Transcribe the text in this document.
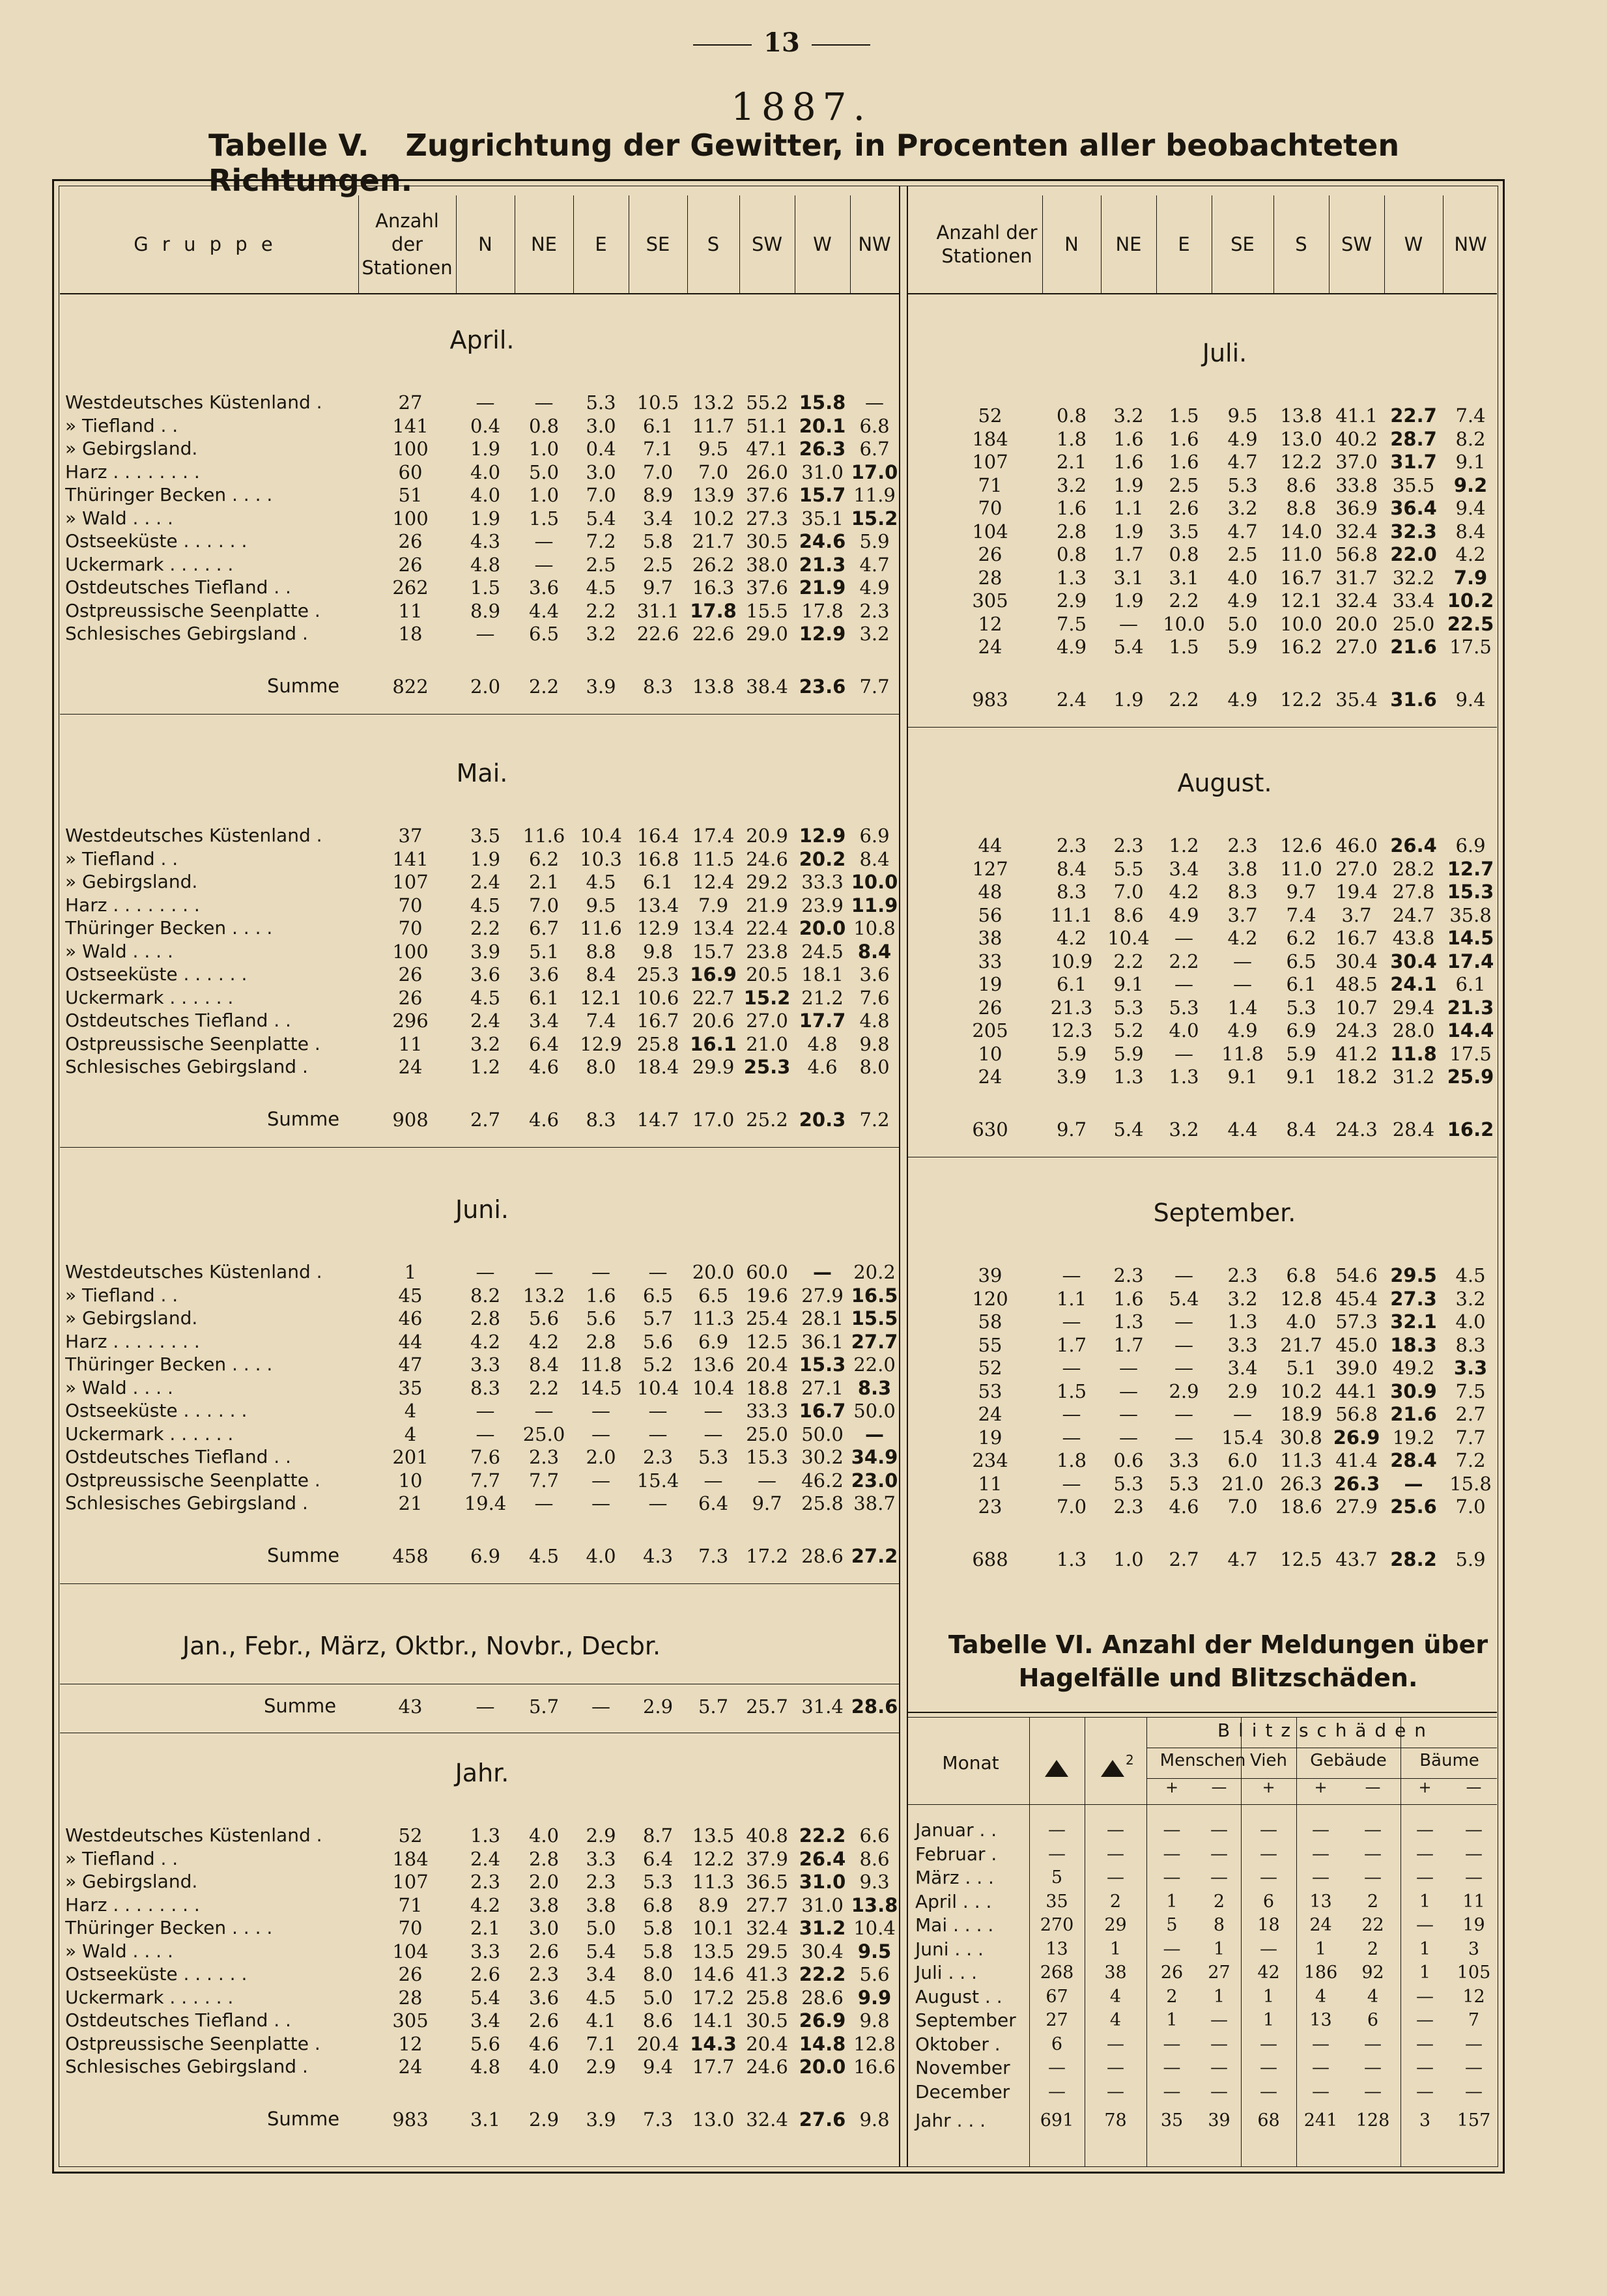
13
1887.
Tabelle V. Zugrichtung der Gewitter, in Procenten aller beobachteten Richtungen.
Anzahl der Stationen
G r u p p e	N	NE	E	SE	S	SW	W	NW
Anzahl der Stationen
N	NE	E	SE	S	SW	W	NW
April.
Westdeutsches Küstenland .	27	—	—	5.3	10.5 13.2 55.2 15.8	—
» Tiefland . .	141	0.4	0.8	3.0	6.1	11.7 51.1 20.1 6.8
» Gebirgsland.	100	1.9	1.0	0.4	7.1	9.5 47.1 26.3 6.7
Harz . . . . . . . .	60	4.0	5.0	3.0	7.0	7.0 26.0 31.0 17.0
Thüringer Becken . . . .	51	4.0	1.0	7.0	8.9	13.9 37.6 15.7 11.9
» Wald . . . .	100	1.9	1.5	5.4	3.4	10.2 27.3 35.1 15.2
Ostseeküste . . . . . .	26	4.3	—	7.2	5.8	21.7 30.5 24.6 5.9
Uckermark . . . . . .	26	4.8	—	2.5	2.5	26.2 38.0 21.3 4.7
Ostdeutsches Tiefland . .	262	1.5	3.6	4.5	9.7	16.3 37.6 21.9 4.9
Ostpreussische Seenplatte .	11	8.9	4.4	2.2	31.1 17.8 15.5 17.8 2.3
Schlesisches Gebirgsland .	18	—	6.5	3.2	22.6 22.6 29.0 12.9 3.2
Summe	822	2.0	2.2	3.9	8.3	13.8 38.4 23.6 7.7
Juli.
52	0.8	3.2	1.5	9.5	13.8 41.1 22.7 7.4
184	1.8	1.6	1.6	4.9	13.0 40.2 28.7 8.2
107	2.1	1.6	1.6	4.7	12.2 37.0 31.7 9.1
71	3.2	1.9	2.5	5.3	8.6	33.8 35.5	9.2
70	1.6	1.1	2.6	3.2	8.8	36.9 36.4 9.4
104	2.8	1.9	3.5	4.7	14.0 32.4 32.3 8.4
26	0.8	1.7	0.8	2.5	11.0 56.8 22.0 4.2
28	1.3	3.1	3.1	4.0	16.7 31.7 32.2	7.9
305	2.9	1.9	2.2	4.9	12.1 32.4 33.4 10.2
12	7.5	—	10.0	5.0	10.0 20.0 25.0 22.5
24	4.9	5.4	1.5	5.9	16.2 27.0 21.6 17.5
983	2.4	1.9	2.2	4.9	12.2 35.4 31.6 9.4
Mai.
Westdeutsches Küstenland .	37	3.5	11.6 10.4 16.4 17.4 20.9 12.9 6.9
» Tiefland . .	141	1.9	6.2	10.3 16.8 11.5 24.6 20.2 8.4
» Gebirgsland.	107	2.4	2.1	4.5	6.1	12.4 29.2 33.3 10.0
Harz . . . . . . . .	70	4.5	7.0	9.5	13.4	7.9 21.9 23.9 11.9
Thüringer Becken . . . .	70	2.2	6.7	11.6 12.9 13.4 22.4 20.0 10.8
» Wald . . . .	100	3.9	5.1	8.8	9.8	15.7 23.8 24.5 8.4
Ostseeküste . . . . . .	26	3.6	3.6	8.4	25.3 16.9 20.5 18.1 3.6
Uckermark . . . . . .	26	4.5	6.1	12.1 10.6 22.7 15.2 21.2 7.6
Ostdeutsches Tiefland . .	296	2.4	3.4	7.4	16.7 20.6 27.0 17.7 4.8
Ostpreussische Seenplatte .	11	3.2	6.4	12.9 25.8 16.1 21.0	4.8	9.8
Schlesisches Gebirgsland .	24	1.2	4.6	8.0	18.4 29.9 25.3 4.6	8.0
Summe	908	2.7	4.6	8.3	14.7 17.0 25.2 20.3 7.2
August.
44	2.3	2.3	1.2	2.3	12.6 46.0 26.4 6.9
127	8.4	5.5	3.4	3.8	11.0 27.0 28.2 12.7
48	8.3	7.0	4.2	8.3	9.7	19.4 27.8 15.3
56	11.1	8.6	4.9	3.7	7.4	3.7	24.7 35.8
38	4.2	10.4	—	4.2	6.2	16.7 43.8 14.5
33	10.9	2.2	2.2	—	6.5	30.4 30.4 17.4
19	6.1	9.1	—	—	6.1	48.5 24.1 6.1
26	21.3	5.3	5.3	1.4	5.3	10.7 29.4 21.3
205	12.3	5.2	4.0	4.9	6.9	24.3 28.0 14.4
10	5.9	5.9	—	11.8	5.9	41.2 11.8 17.5
24	3.9	1.3	1.3	9.1	9.1	18.2 31.2 25.9
630	9.7	5.4	3.2	4.4	8.4	24.3 28.4 16.2
Juni.
Westdeutsches Küstenland .	1	—	—	—	—	20.0 60.0	—	20.2
» Tiefland . .	45	8.2	13.2	1.6	6.5	6.5 19.6 27.9 16.5
» Gebirgsland.	46	2.8	5.6	5.6	5.7	11.3 25.4 28.1 15.5
Harz . . . . . . . .	44	4.2	4.2	2.8	5.6	6.9 12.5 36.1 27.7
Thüringer Becken . . . .	47	3.3	8.4	11.8	5.2	13.6 20.4 15.3 22.0
» Wald . . . .	35	8.3	2.2	14.5 10.4 10.4 18.8 27.1 8.3
Ostseeküste . . . . . .	4	—	—	—	—	—	33.3 16.7 50.0
Uckermark . . . . . .	4	—	25.0	—	—	—	25.0 50.0	—
Ostdeutsches Tiefland . .	201	7.6	2.3	2.0	2.3	5.3 15.3 30.2 34.9
Ostpreussische Seenplatte .	10	7.7	7.7	—	15.4	—	—	46.2 23.0
Schlesisches Gebirgsland .	21	19.4	—	—	—	6.4	9.7	25.8 38.7
Summe	458	6.9	4.5	4.0	4.3	7.3 17.2 28.6 27.2
September.
39	—	2.3	—	2.3	6.8	54.6 29.5 4.5
120	1.1	1.6	5.4	3.2	12.8 45.4 27.3 3.2
58	—	1.3	—	1.3	4.0	57.3 32.1 4.0
55	1.7	1.7	—	3.3	21.7 45.0 18.3 8.3
52	—	—	—	3.4	5.1	39.0 49.2	3.3
53	1.5	—	2.9	2.9	10.2 44.1 30.9 7.5
24	—	—	—	—	18.9 56.8 21.6 2.7
19	—	—	—	15.4 30.8 26.9 19.2	7.7
234	1.8	0.6	3.3	6.0	11.3 41.4 28.4 7.2
11	—	5.3	5.3	21.0 26.3 26.3	—	15.8
23	7.0	2.3	4.6	7.0	18.6 27.9 25.6 7.0
688	1.3	1.0	2.7	4.7	12.5 43.7 28.2 5.9
Jan., Febr., März, Oktbr., Novbr., Decbr.
Summe	43	—	5.7	—	2.9	5.7 25.7 31.4 28.6
Jahr.
Westdeutsches Küstenland .	52	1.3	4.0	2.9	8.7	13.5 40.8 22.2 6.6
» Tiefland . .	184	2.4	2.8	3.3	6.4	12.2 37.9 26.4 8.6
» Gebirgsland.	107	2.3	2.0	2.3	5.3	11.3 36.5 31.0 9.3
Harz . . . . . . . .	71	4.2	3.8	3.8	6.8	8.9 27.7 31.0 13.8
Thüringer Becken . . . .	70	2.1	3.0	5.0	5.8	10.1 32.4 31.2 10.4
» Wald . . . .	104	3.3	2.6	5.4	5.8	13.5 29.5 30.4 9.5
Ostseeküste . . . . . .	26	2.6	2.3	3.4	8.0	14.6 41.3 22.2 5.6
Uckermark . . . . . .	28	5.4	3.6	4.5	5.0	17.2 25.8 28.6 9.9
Ostdeutsches Tiefland . .	305	3.4	2.6	4.1	8.6	14.1 30.5 26.9 9.8
Ostpreussische Seenplatte .	12	5.6	4.6	7.1	20.4 14.3 20.4 14.8 12.8
Schlesisches Gebirgsland .	24	4.8	4.0	2.9	9.4	17.7 24.6 20.0 16.6
Summe	983	3.1	2.9	3.9	7.3	13.0 32.4 27.6 9.8
Tabelle VI. Anzahl der Meldungen über
Hagelfälle und Blitzschäden.
Monat	2
B l i t z s c h ä d e n
Menschen Vieh	Gebäude	Bäume
+	—	+	+	—	+	—
Januar . .	—	—	—	—	—	—	—	—	—
Februar .	—	—	—	—	—	—	—	—	—
März . . .	5	—	—	—	—	—	—	—	—
April . . .	35	2	1	2	6	13	2	1	11
Mai . . . .	270	29	5	8	18	24	22	—	19
Juni . . .	13	1	—	1	—	1	2	1	3
Juli . . .	268	38	26	27	42	186	92	1	105
August . .	67	4	2	1	1	4	4	—	12
September	27	4	1	—	1	13	6	—	7
Oktober .	6	—	—	—	—	—	—	—	—
November	—	—	—	—	—	—	—	—	—
December	—	—	—	—	—	—	—	—	—
Jahr . . .	691	78	35	39	68	241	128	3	157
